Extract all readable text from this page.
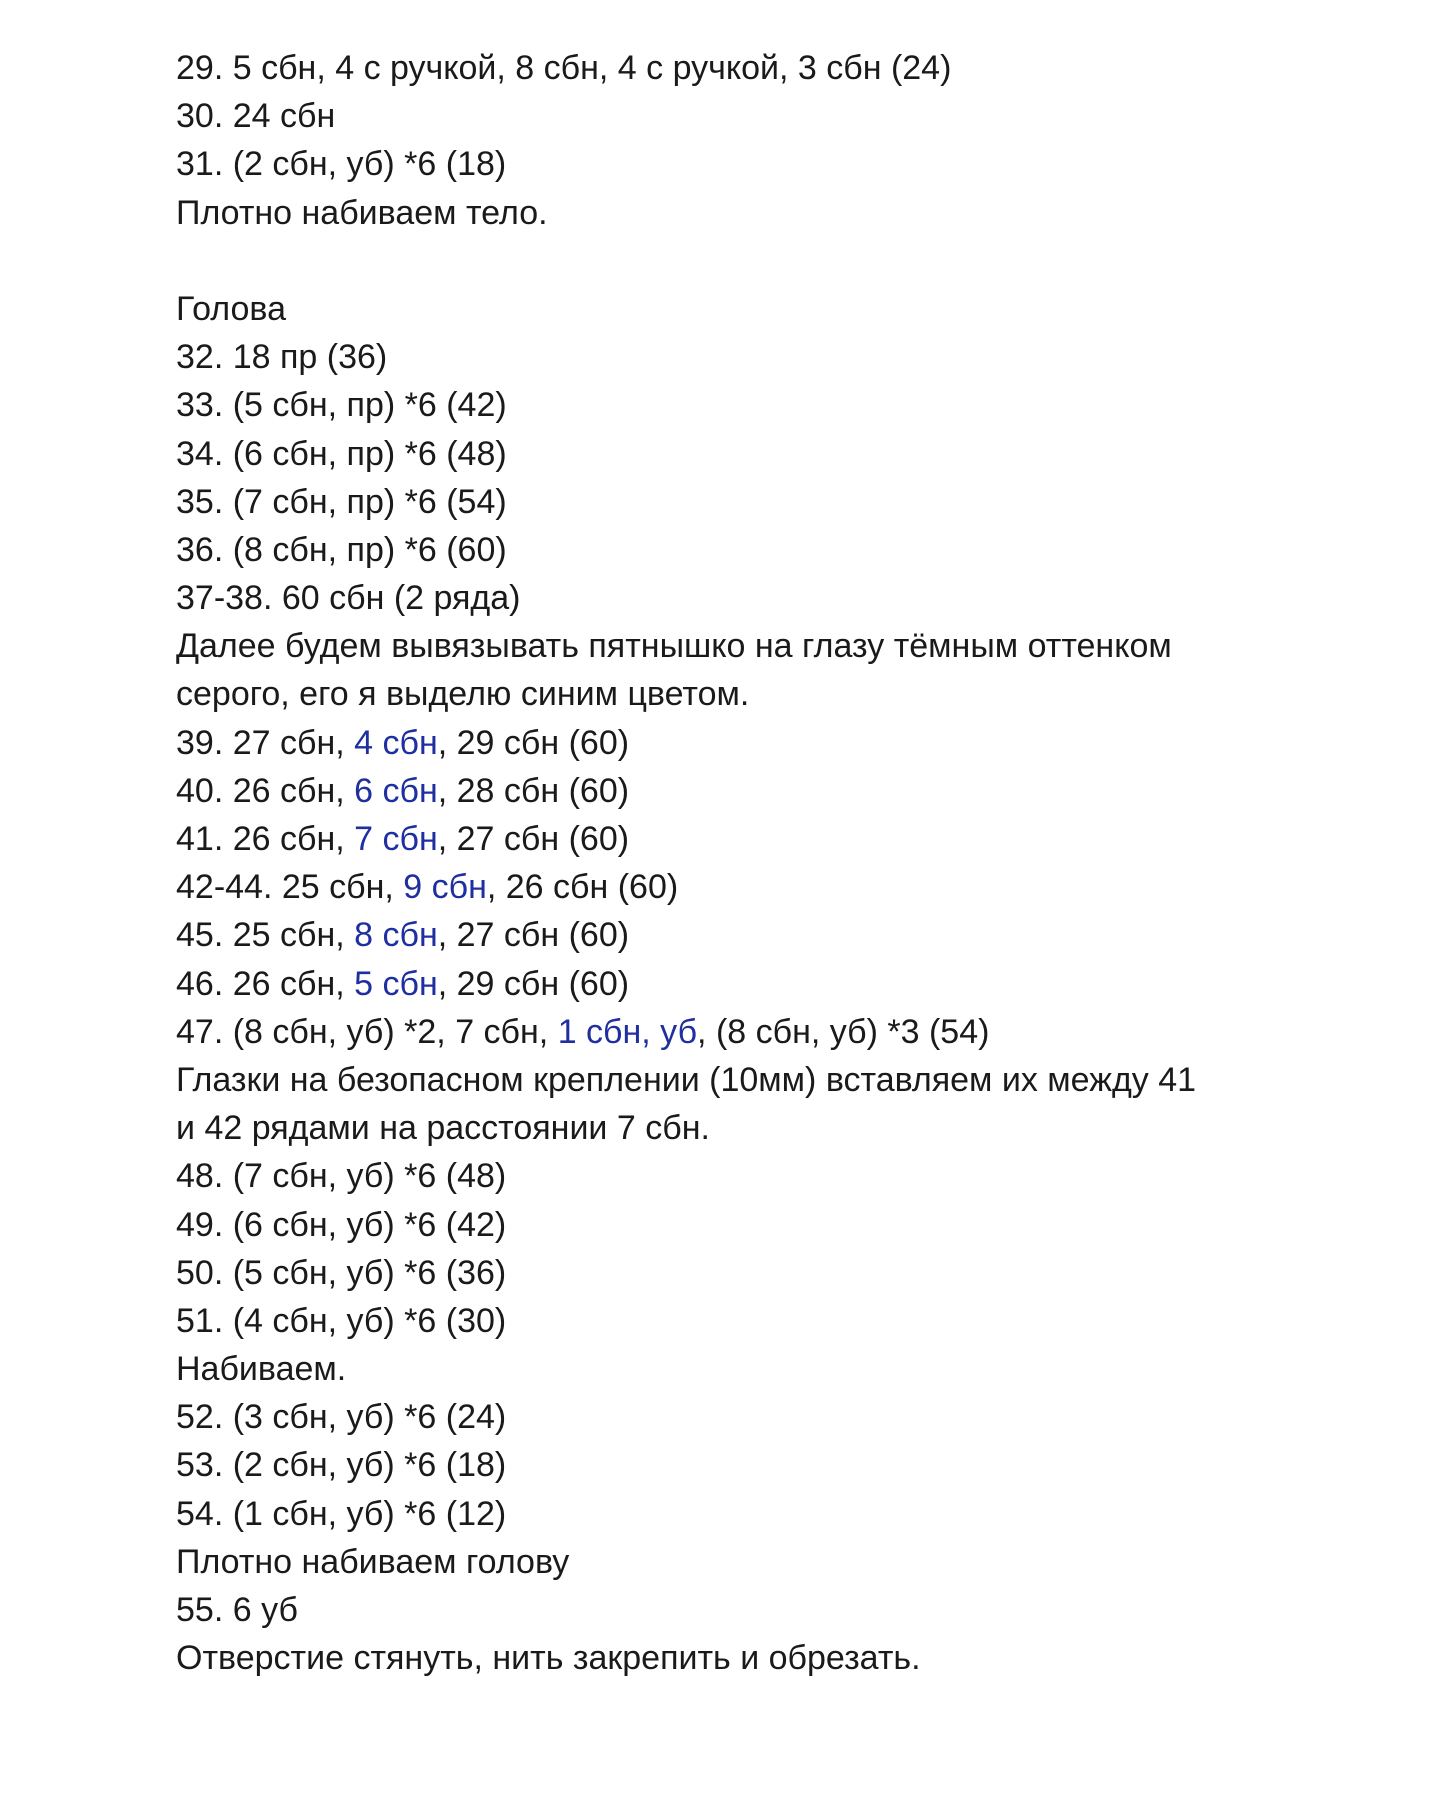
29. 5 сбн, 4 с ручкой, 8 сбн, 4 с ручкой, 3 сбн (24)
30. 24 сбн
31. (2 сбн, уб) *6 (18)
Плотно набиваем тело.
Голова
32. 18 пр (36)
33. (5 сбн, пр) *6 (42)
34. (6 сбн, пр) *6 (48)
35. (7 сбн, пр) *6 (54)
36. (8 сбн, пр) *6 (60)
37-38. 60 сбн (2 ряда)
Далее будем вывязывать пятнышко на глазу тёмным оттенком
серого, его я выделю синим цветом.
39. 27 сбн, 4 сбн, 29 сбн (60)
40. 26 сбн, 6 сбн, 28 сбн (60)
41. 26 сбн, 7 сбн, 27 сбн (60)
42-44. 25 сбн, 9 сбн, 26 сбн (60)
45. 25 сбн, 8 сбн, 27 сбн (60)
46. 26 сбн, 5 сбн, 29 сбн (60)
47. (8 сбн, уб) *2, 7 сбн, 1 сбн, уб, (8 сбн, уб) *3 (54)
Глазки на безопасном креплении (10мм) вставляем их между 41
и 42 рядами на расстоянии 7 сбн.
48. (7 сбн, уб) *6 (48)
49. (6 сбн, уб) *6 (42)
50. (5 сбн, уб) *6 (36)
51. (4 сбн, уб) *6 (30)
Набиваем.
52. (3 сбн, уб) *6 (24)
53. (2 сбн, уб) *6 (18)
54. (1 сбн, уб) *6 (12)
Плотно набиваем голову
55. 6 уб
Отверстие стянуть, нить закрепить и обрезать.
